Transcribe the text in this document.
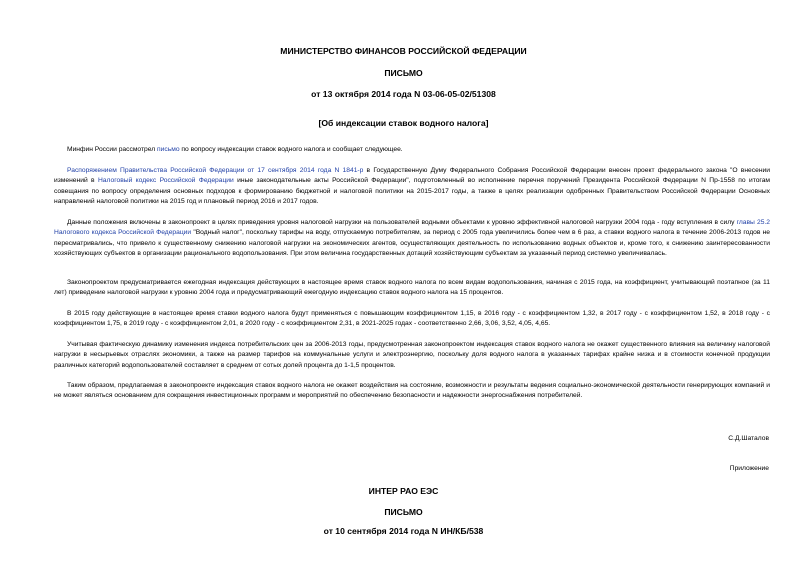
МИНИСТЕРСТВО ФИНАНСОВ РОССИЙСКОЙ ФЕДЕРАЦИИ
ПИСЬМО
от 13 октября 2014 года N 03-06-05-02/51308
[Об индексации ставок водного налога]
Минфин России рассмотрел письмо по вопросу индексации ставок водного налога и сообщает следующее.
Распоряжением Правительства Российской Федерации от 17 сентября 2014 года N 1841-р в Государственную Думу Федерального Собрания Российской Федерации внесен проект федерального закона "О внесении изменений в Налоговый кодекс Российской Федерации иные законодательные акты Российской Федерации", подготовленный во исполнение перечня поручений Президента Российской Федерации N Пр-1558 по итогам совещания по вопросу определения основных подходов к формированию бюджетной и налоговой политики на 2015-2017 годы, а также в целях реализации одобренных Правительством Российской Федерации Основных направлений налоговой политики на 2015 год и плановый период 2016 и 2017 годов.
Данные положения включены в законопроект в целях приведения уровня налоговой нагрузки на пользователей водными объектами к уровню эффективной налоговой нагрузки 2004 года - году вступления в силу главы 25.2 Налогового кодекса Российской Федерации "Водный налог", поскольку тарифы на воду, отпускаемую потребителям, за период с 2005 года увеличились более чем в 6 раз, а ставки водного налога в течение 2006-2013 годов не пересматривались, что привело к существенному снижению налоговой нагрузки на экономических агентов, осуществляющих деятельность по использованию водных объектов и, кроме того, к снижению заинтересованности хозяйствующих субъектов в организации рационального водопользования. При этом величина государственных дотаций хозяйствующим субъектам за указанный период системно увеличивалась.
Законопроектом предусматривается ежегодная индексация действующих в настоящее время ставок водного налога по всем видам водопользования, начиная с 2015 года, на коэффициент, учитывающий поэтапное (за 11 лет) приведение налоговой нагрузки к уровню 2004 года и предусматривающий ежегодную индексацию ставок водного налога на 15 процентов.
В 2015 году действующие в настоящее время ставки водного налога будут применяться с повышающим коэффициентом 1,15, в 2016 году - с коэффициентом 1,32, в 2017 году - с коэффициентом 1,52, в 2018 году - с коэффициентом 1,75, в 2019 году - с коэффициентом 2,01, в 2020 году - с коэффициентом 2,31, в 2021-2025 годах - соответственно 2,66, 3,06, 3,52, 4,05, 4,65.
Учитывая фактическую динамику изменения индекса потребительских цен за 2006-2013 годы, предусмотренная законопроектом индексация ставок водного налога не окажет существенного влияния на величину налоговой нагрузки в несырьевых отраслях экономики, а также на размер тарифов на коммунальные услуги и электроэнергию, поскольку доля водного налога в указанных тарифах крайне низка и в стоимости конечной продукции различных категорий водопользователей составляет в среднем от сотых долей процента до 1-1,5 процентов.
Таким образом, предлагаемая в законопроекте индексация ставок водного налога не окажет воздействия на состояние, возможности и результаты ведения социально-экономической деятельности генерирующих компаний и не может являться основанием для сокращения инвестиционных программ и мероприятий по обеспечению безопасности и надежности энергоснабжения потребителей.
С.Д.Шаталов
Приложение
ИНТЕР РАО ЕЭС
ПИСЬМО
от 10 сентября 2014 года N ИН/КБ/538
